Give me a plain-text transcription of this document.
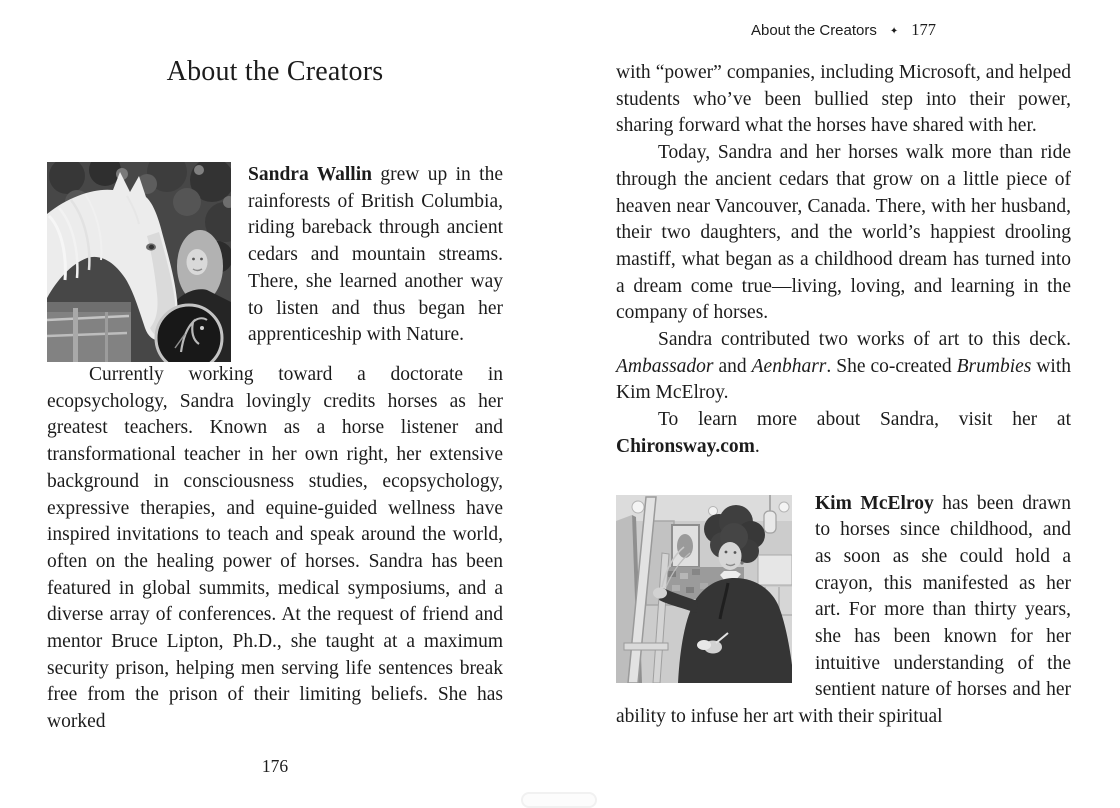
About the Creators

Sandra Wallin grew up in the rainforests of British Columbia, riding bareback through ancient cedars and mountain streams. There, she learned another way to listen and thus began her apprenticeship with Nature.

Currently working toward a doctorate in ecopsychology, Sandra lovingly credits horses as her greatest teachers. Known as a horse listener and transformational teacher in her own right, her extensive background in consciousness studies, ecopsychology, expressive therapies, and equine-guided wellness have inspired invitations to teach and speak around the world, often on the healing power of horses. Sandra has been featured in global summits, medical symposiums, and a diverse array of conferences. At the request of friend and mentor Bruce Lipton, Ph.D., she taught at a maximum security prison, helping men serving life sentences break free from the prison of their limiting beliefs. She has worked

176
About the Creators ✦ 177

with “power” companies, including Microsoft, and helped students who’ve been bullied step into their power, sharing forward what the horses have shared with her.

Today, Sandra and her horses walk more than ride through the ancient cedars that grow on a little piece of heaven near Vancouver, Canada. There, with her husband, their two daughters, and the world’s happiest drooling mastiff, what began as a childhood dream has turned into a dream come true—living, loving, and learning in the company of horses.

Sandra contributed two works of art to this deck. Ambassador and Aenbharr. She co-created Brumbies with Kim McElroy.

To learn more about Sandra, visit her at Chironsway.com.

Kim McElroy has been drawn to horses since childhood, and as soon as she could hold a crayon, this manifested as her art. For more than thirty years, she has been known for her intuitive understanding of the sentient nature of horses and her ability to infuse her art with their spiritual
